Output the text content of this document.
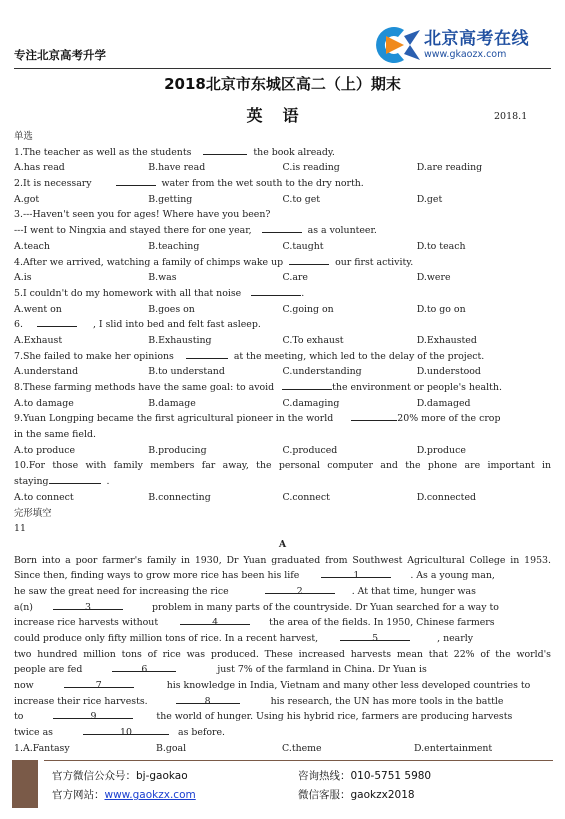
专注北京高考升学
北京高考在线
www.gkaozx.com
2018北京市东城区高二（上）期末
英语	2018.1
单选
1.The teacher as well as the students	the book already.
A.has read	B.have read	C.is reading	D.are reading
2.It is necessary	water from the wet south to the dry north.
A.got	B.getting	C.to get	D.get
3.---Haven't seen you for ages! Where have you been?
---I went to Ningxia and stayed there for one year,	as a volunteer.
A.teach	B.teaching	C.taught	D.to teach
4.After we arrived, watching a family of chimps wake up	our first activity.
A.is	B.was	C.are	D.were
5.I couldn't do my homework with all that noise	.
A.went on	B.goes on	C.going on	D.to go on
6.	, I slid into bed and felt fast asleep.
A.Exhaust	B.Exhausting	C.To exhaust	D.Exhausted
7.She failed to make her opinions	at the meeting, which led to the delay of the project.
A.understand	B.to understand	C.understanding	D.understood
8.These farming methods have the same goal: to avoid	the environment or people's health.
A.to damage	B.damage	C.damaging	D.damaged
9.Yuan Longping became the first agricultural pioneer in the world	20% more of the crop
in the same field.
A.to produce	B.producing	C.produced	D.produce
10.For those with family members far away, the personal computer and the phone are important in
staying	.
A.to connect	B.connecting	C.connect	D.connected
完形填空
11
A
Born into a poor farmer's family in 1930, Dr Yuan graduated from Southwest Agricultural College in 1953.
Since then, finding ways to grow more rice has been his life	1	. As a young man,
he saw the great need for increasing the rice	2	. At that time, hunger was
a(n)	3	problem in many parts of the countryside. Dr Yuan searched for a way to
increase rice harvests without	4	the area of the fields. In 1950, Chinese farmers
could produce only fifty million tons of rice. In a recent harvest,	5	, nearly
two hundred million tons of rice was produced. These increased harvests mean that 22% of the world's
people are fed	6	just 7% of the farmland in China. Dr Yuan is
now	7	his knowledge in India, Vietnam and many other less developed countries to
increase their rice harvests.	8	his research, the UN has more tools in the battle
to	9	the world of hunger. Using his hybrid rice, farmers are producing harvests
twice as	10	as before.
1.A.Fantasy	B.goal	C.theme	D.entertainment
官方微信公众号：bj-gaokao
官方网站：www.gaokzx.com
咨询热线：010-5751 5980
微信客服：gaokzx2018
